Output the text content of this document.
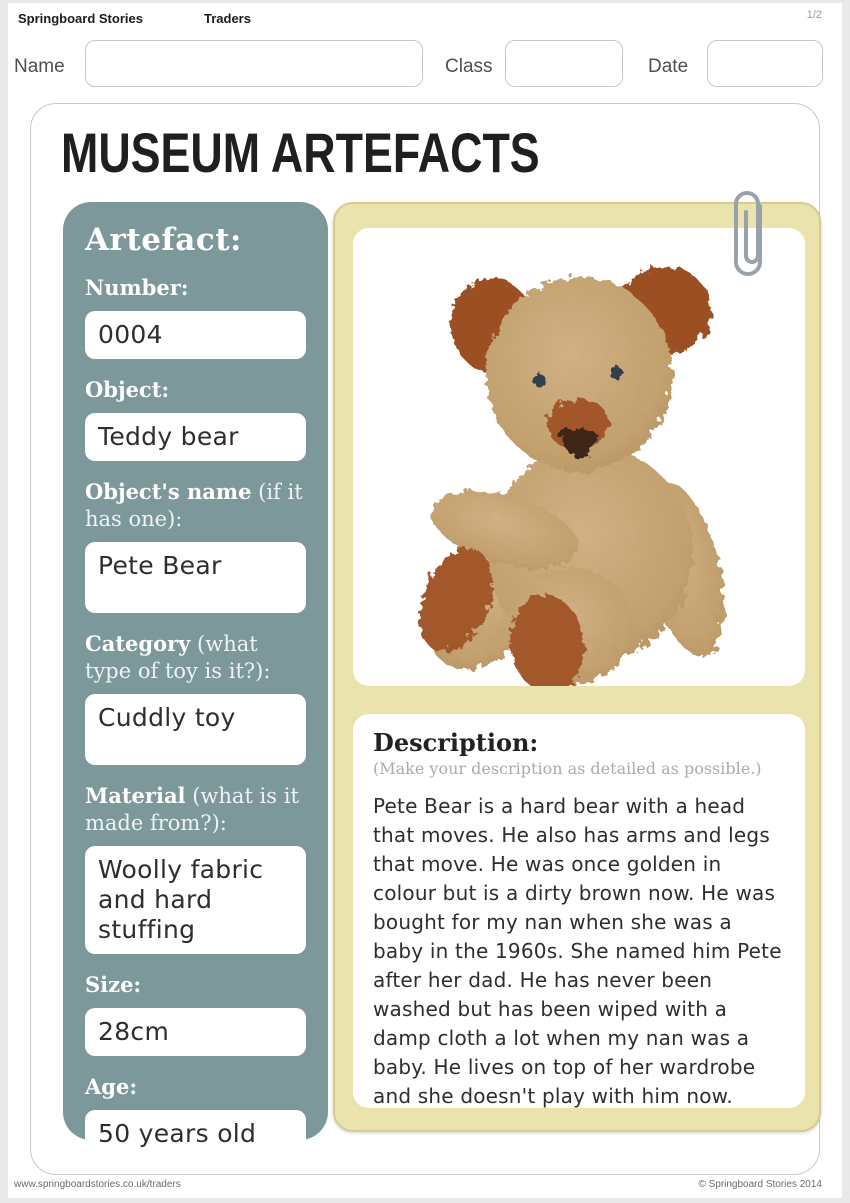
Springboard Stories	Traders	1/2
Name	Class	Date
MUSEUM ARTEFACTS
Description:
(Make your description as detailed as possible.)
Pete Bear is a hard bear with a head that moves. He also has arms and legs that move. He was once golden in colour but is a dirty brown now. He was bought for my nan when she was a baby in the 1960s. She named him Pete after her dad. He has never been washed but has been wiped with a damp cloth a lot when my nan was a baby. He lives on top of her wardrobe and she doesn't play with him now.
Artefact:
Number:
0004
Object:
Teddy bear
Object's name (if it has one):
Pete Bear
Category (what type of toy is it?):
Cuddly toy
Material (what is it made from?):
Woolly fabric and hard stuffing
Size:
28cm
Age:
50 years old
www.springboardstories.co.uk/traders	© Springboard Stories 2014
